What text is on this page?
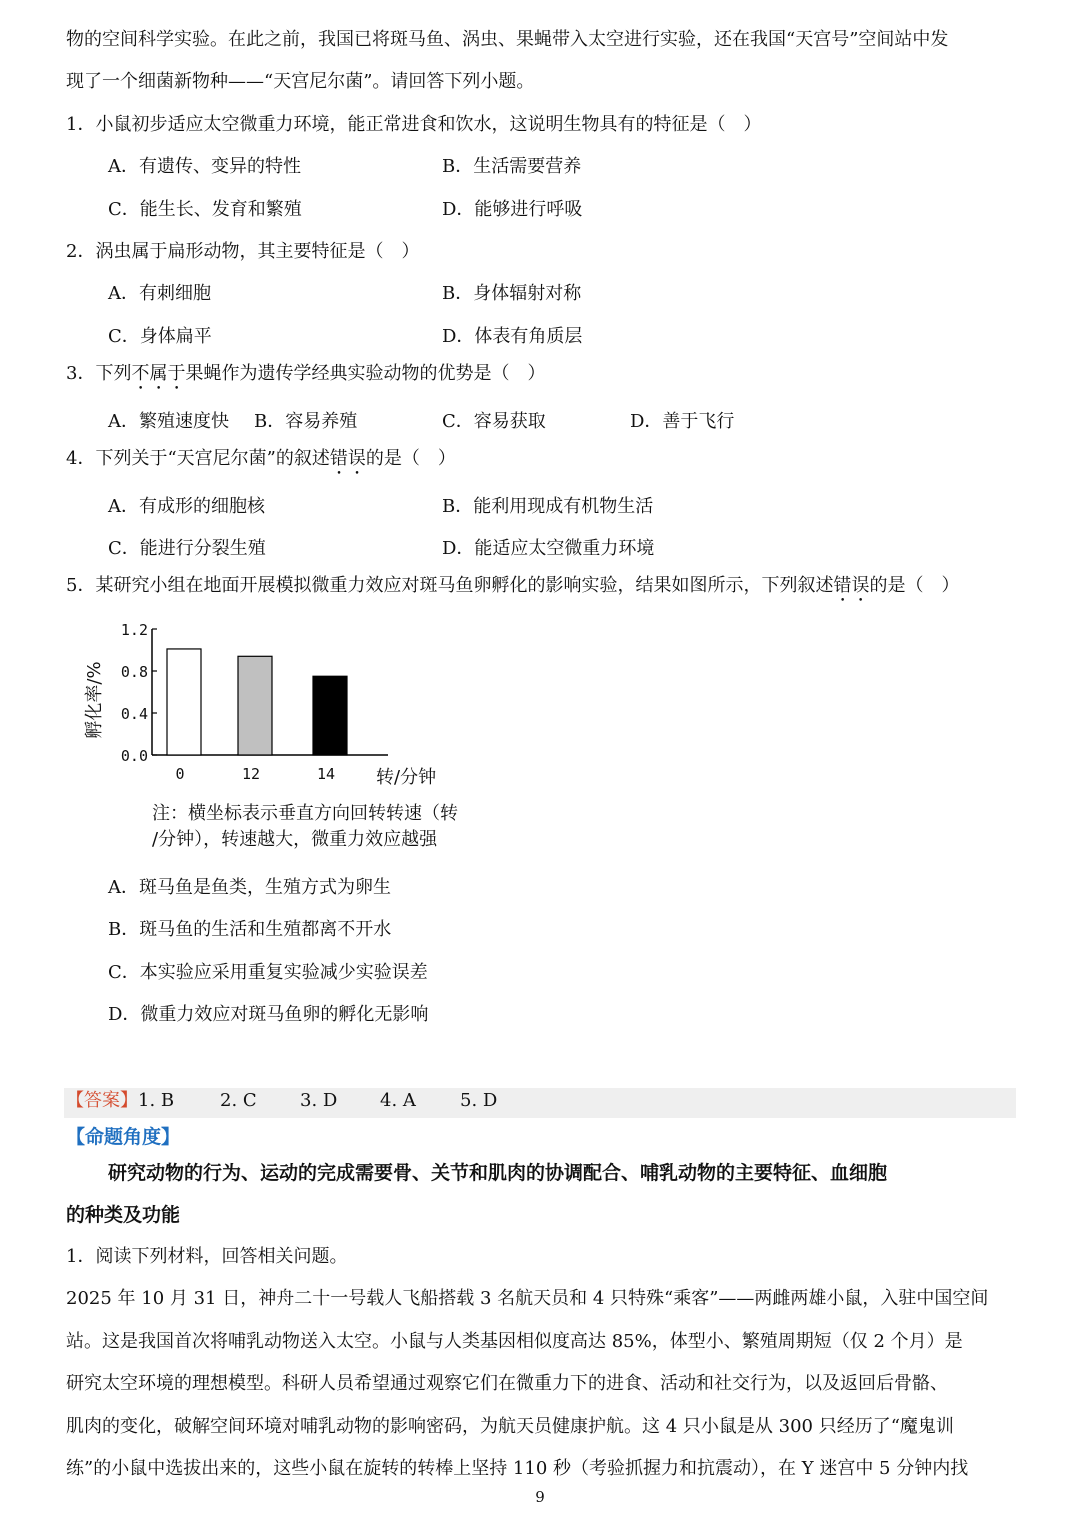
物的空间科学实验。在此之前，我国已将斑马鱼、涡虫、果蝇带入太空进行实验，还在我国“天宫号”空间站中发
现了一个细菌新物种——“天宫尼尔菌”。请回答下列小题。
1．小鼠初步适应太空微重力环境，能正常进食和饮水，这说明生物具有的特征是（　）
A．有遗传、变异的特性	B．生活需要营养
C．能生长、发育和繁殖	D．能够进行呼吸
2．涡虫属于扁形动物，其主要特征是（　）
A．有刺细胞	B．身体辐射对称
C．身体扁平	D．体表有角质层
3．下列不属于果蝇作为遗传学经典实验动物的优势是（　）
A．繁殖速度快 B．容易养殖	C．容易获取	D．善于飞行
4．下列关于“天宫尼尔菌”的叙述错误的是（　）
A．有成形的细胞核	B．能利用现成有机物生活
C．能进行分裂生殖	D．能适应太空微重力环境
5．某研究小组在地面开展模拟微重力效应对斑马鱼卵孵化的影响实验，结果如图所示，下列叙述错误的是（　）
0.0
0.4
0.8
1.2
0	12	14 转/分钟
孵化率/%
注：横坐标表示垂直方向回转转速（转
/分钟），转速越大，微重力效应越强
A．斑马鱼是鱼类，生殖方式为卵生
B．斑马鱼的生活和生殖都离不开水
C．本实验应采用重复实验减少实验误差
D．微重力效应对斑马鱼卵的孵化无影响
【答案】1. B	2. C 3. D 4. A 5. D
【命题角度】
研究动物的行为、运动的完成需要骨、关节和肌肉的协调配合、哺乳动物的主要特征、血细胞
的种类及功能
1．阅读下列材料，回答相关问题。
2025 年 10 月 31 日，神舟二十一号载人飞船搭载 3 名航天员和 4 只特殊“乘客”——两雌两雄小鼠，入驻中国空间
站。这是我国首次将哺乳动物送入太空。小鼠与人类基因相似度高达 85%，体型小、繁殖周期短（仅 2 个月）是
研究太空环境的理想模型。科研人员希望通过观察它们在微重力下的进食、活动和社交行为，以及返回后骨骼、
肌肉的变化，破解空间环境对哺乳动物的影响密码，为航天员健康护航。这 4 只小鼠是从 300 只经历了“魔鬼训
练”的小鼠中选拔出来的，这些小鼠在旋转的转棒上坚持 110 秒（考验抓握力和抗震动），在 Y 迷宫中 5 分钟内找
9
